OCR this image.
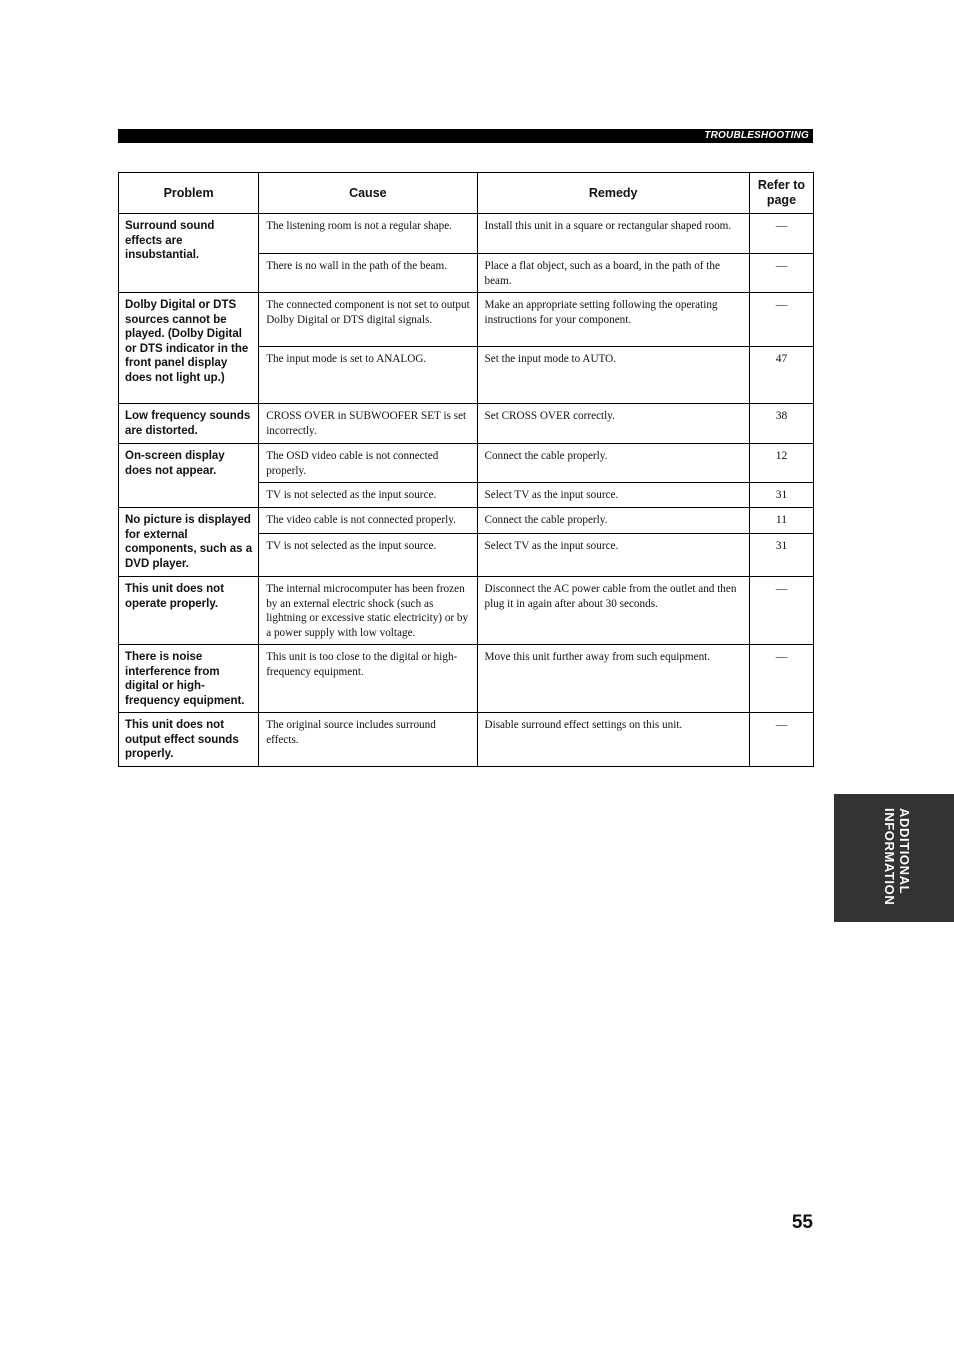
TROUBLESHOOTING
Problem	Cause	Remedy	Refer to page
Surround sound effects are insubstantial.	The listening room is not a regular shape.	Install this unit in a square or rectangular shaped room.	—
	There is no wall in the path of the beam.	Place a flat object, such as a board, in the path of the beam.	—
Dolby Digital or DTS sources cannot be played. (Dolby Digital or DTS indicator in the front panel display does not light up.)	The connected component is not set to output Dolby Digital or DTS digital signals.	Make an appropriate setting following the operating instructions for your component.	—
	The input mode is set to ANALOG.	Set the input mode to AUTO.	47
Low frequency sounds are distorted.	CROSS OVER in SUBWOOFER SET is set incorrectly.	Set CROSS OVER correctly.	38
On-screen display does not appear.	The OSD video cable is not connected properly.	Connect the cable properly.	12
	TV is not selected as the input source.	Select TV as the input source.	31
No picture is displayed for external components, such as a DVD player.	The video cable is not connected properly.	Connect the cable properly.	11
	TV is not selected as the input source.	Select TV as the input source.	31
This unit does not operate properly.	The internal microcomputer has been frozen by an external electric shock (such as lightning or excessive static electricity) or by a power supply with low voltage.	Disconnect the AC power cable from the outlet and then plug it in again after about 30 seconds.	—
There is noise interference from digital or high-frequency equipment.	This unit is too close to the digital or high-frequency equipment.	Move this unit further away from such equipment.	—
This unit does not output effect sounds properly.	The original source includes surround effects.	Disable surround effect settings on this unit.	—
ADDITIONAL
INFORMATION
55
